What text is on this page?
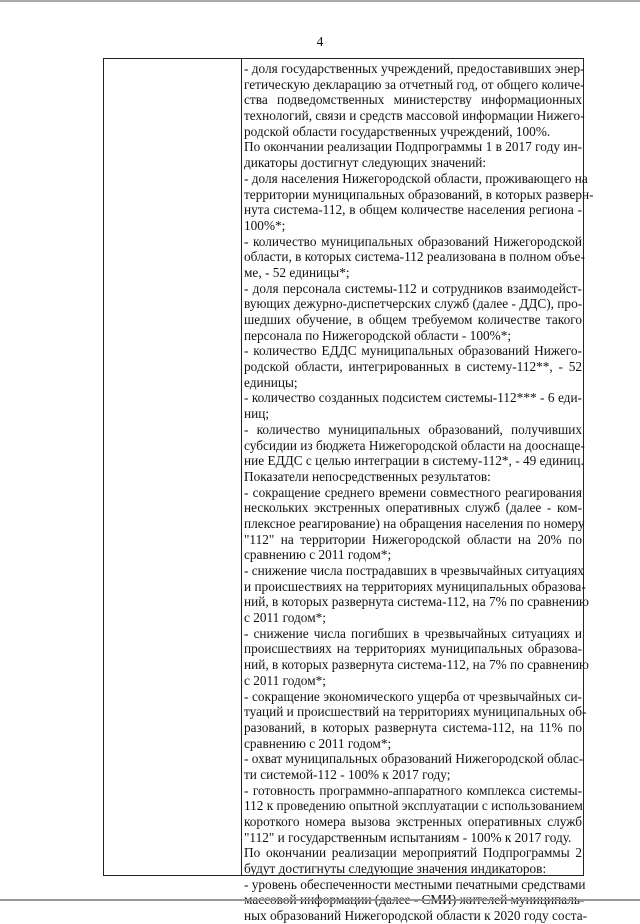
4
- доля государственных учреждений, предоставивших энер-
гетическую декларацию за отчетный год, от общего количе-
ства подведомственных министерству информационных
технологий, связи и средств массовой информации Нижего-
родской области государственных учреждений, 100%.
По окончании реализации Подпрограммы 1 в 2017 году ин-
дикаторы достигнут следующих значений:
- доля населения Нижегородской области, проживающего на
территории муниципальных образований, в которых разверн-
нута система-112, в общем количестве населения региона -
100%*;
- количество муниципальных образований Нижегородской
области, в которых система-112 реализована в полном объе-
ме, - 52 единицы*;
- доля персонала системы-112 и сотрудников взаимодейст-
вующих дежурно-диспетчерских служб (далее - ДДС), про-
шедших обучение, в общем требуемом количестве такого
персонала по Нижегородской области - 100%*;
- количество ЕДДС муниципальных образований Нижего-
родской области, интегрированных в систему-112**, - 52
единицы;
- количество созданных подсистем системы-112*** - 6 еди-
ниц;
- количество муниципальных образований, получивших
субсидии из бюджета Нижегородской области на дооснаще-
ние ЕДДС с целью интеграции в систему-112*, - 49 единиц.
Показатели непосредственных результатов:
- сокращение среднего времени совместного реагирования
нескольких экстренных оперативных служб (далее - ком-
плексное реагирование) на обращения населения по номеру
"112" на территории Нижегородской области на 20% по
сравнению с 2011 годом*;
- снижение числа пострадавших в чрезвычайных ситуациях
и происшествиях на территориях муниципальных образова-
ний, в которых развернута система-112, на 7% по сравнению
с 2011 годом*;
- снижение числа погибших в чрезвычайных ситуациях и
происшествиях на территориях муниципальных образова-
ний, в которых развернута система-112, на 7% по сравнению
с 2011 годом*;
- сокращение экономического ущерба от чрезвычайных си-
туаций и происшествий на территориях муниципальных об-
разований, в которых развернута система-112, на 11% по
сравнению с 2011 годом*;
- охват муниципальных образований Нижегородской облас-
ти системой-112 - 100% к 2017 году;
- готовность программно-аппаратного комплекса системы-
112 к проведению опытной эксплуатации с использованием
короткого номера вызова экстренных оперативных служб
"112" и государственным испытаниям - 100% к 2017 году.
По окончании реализации мероприятий Подпрограммы 2
будут достигнуты следующие значения индикаторов:
- уровень обеспеченности местными печатными средствами
массовой информации (далее - СМИ) жителей муниципаль-
ных образований Нижегородской области к 2020 году соста-
